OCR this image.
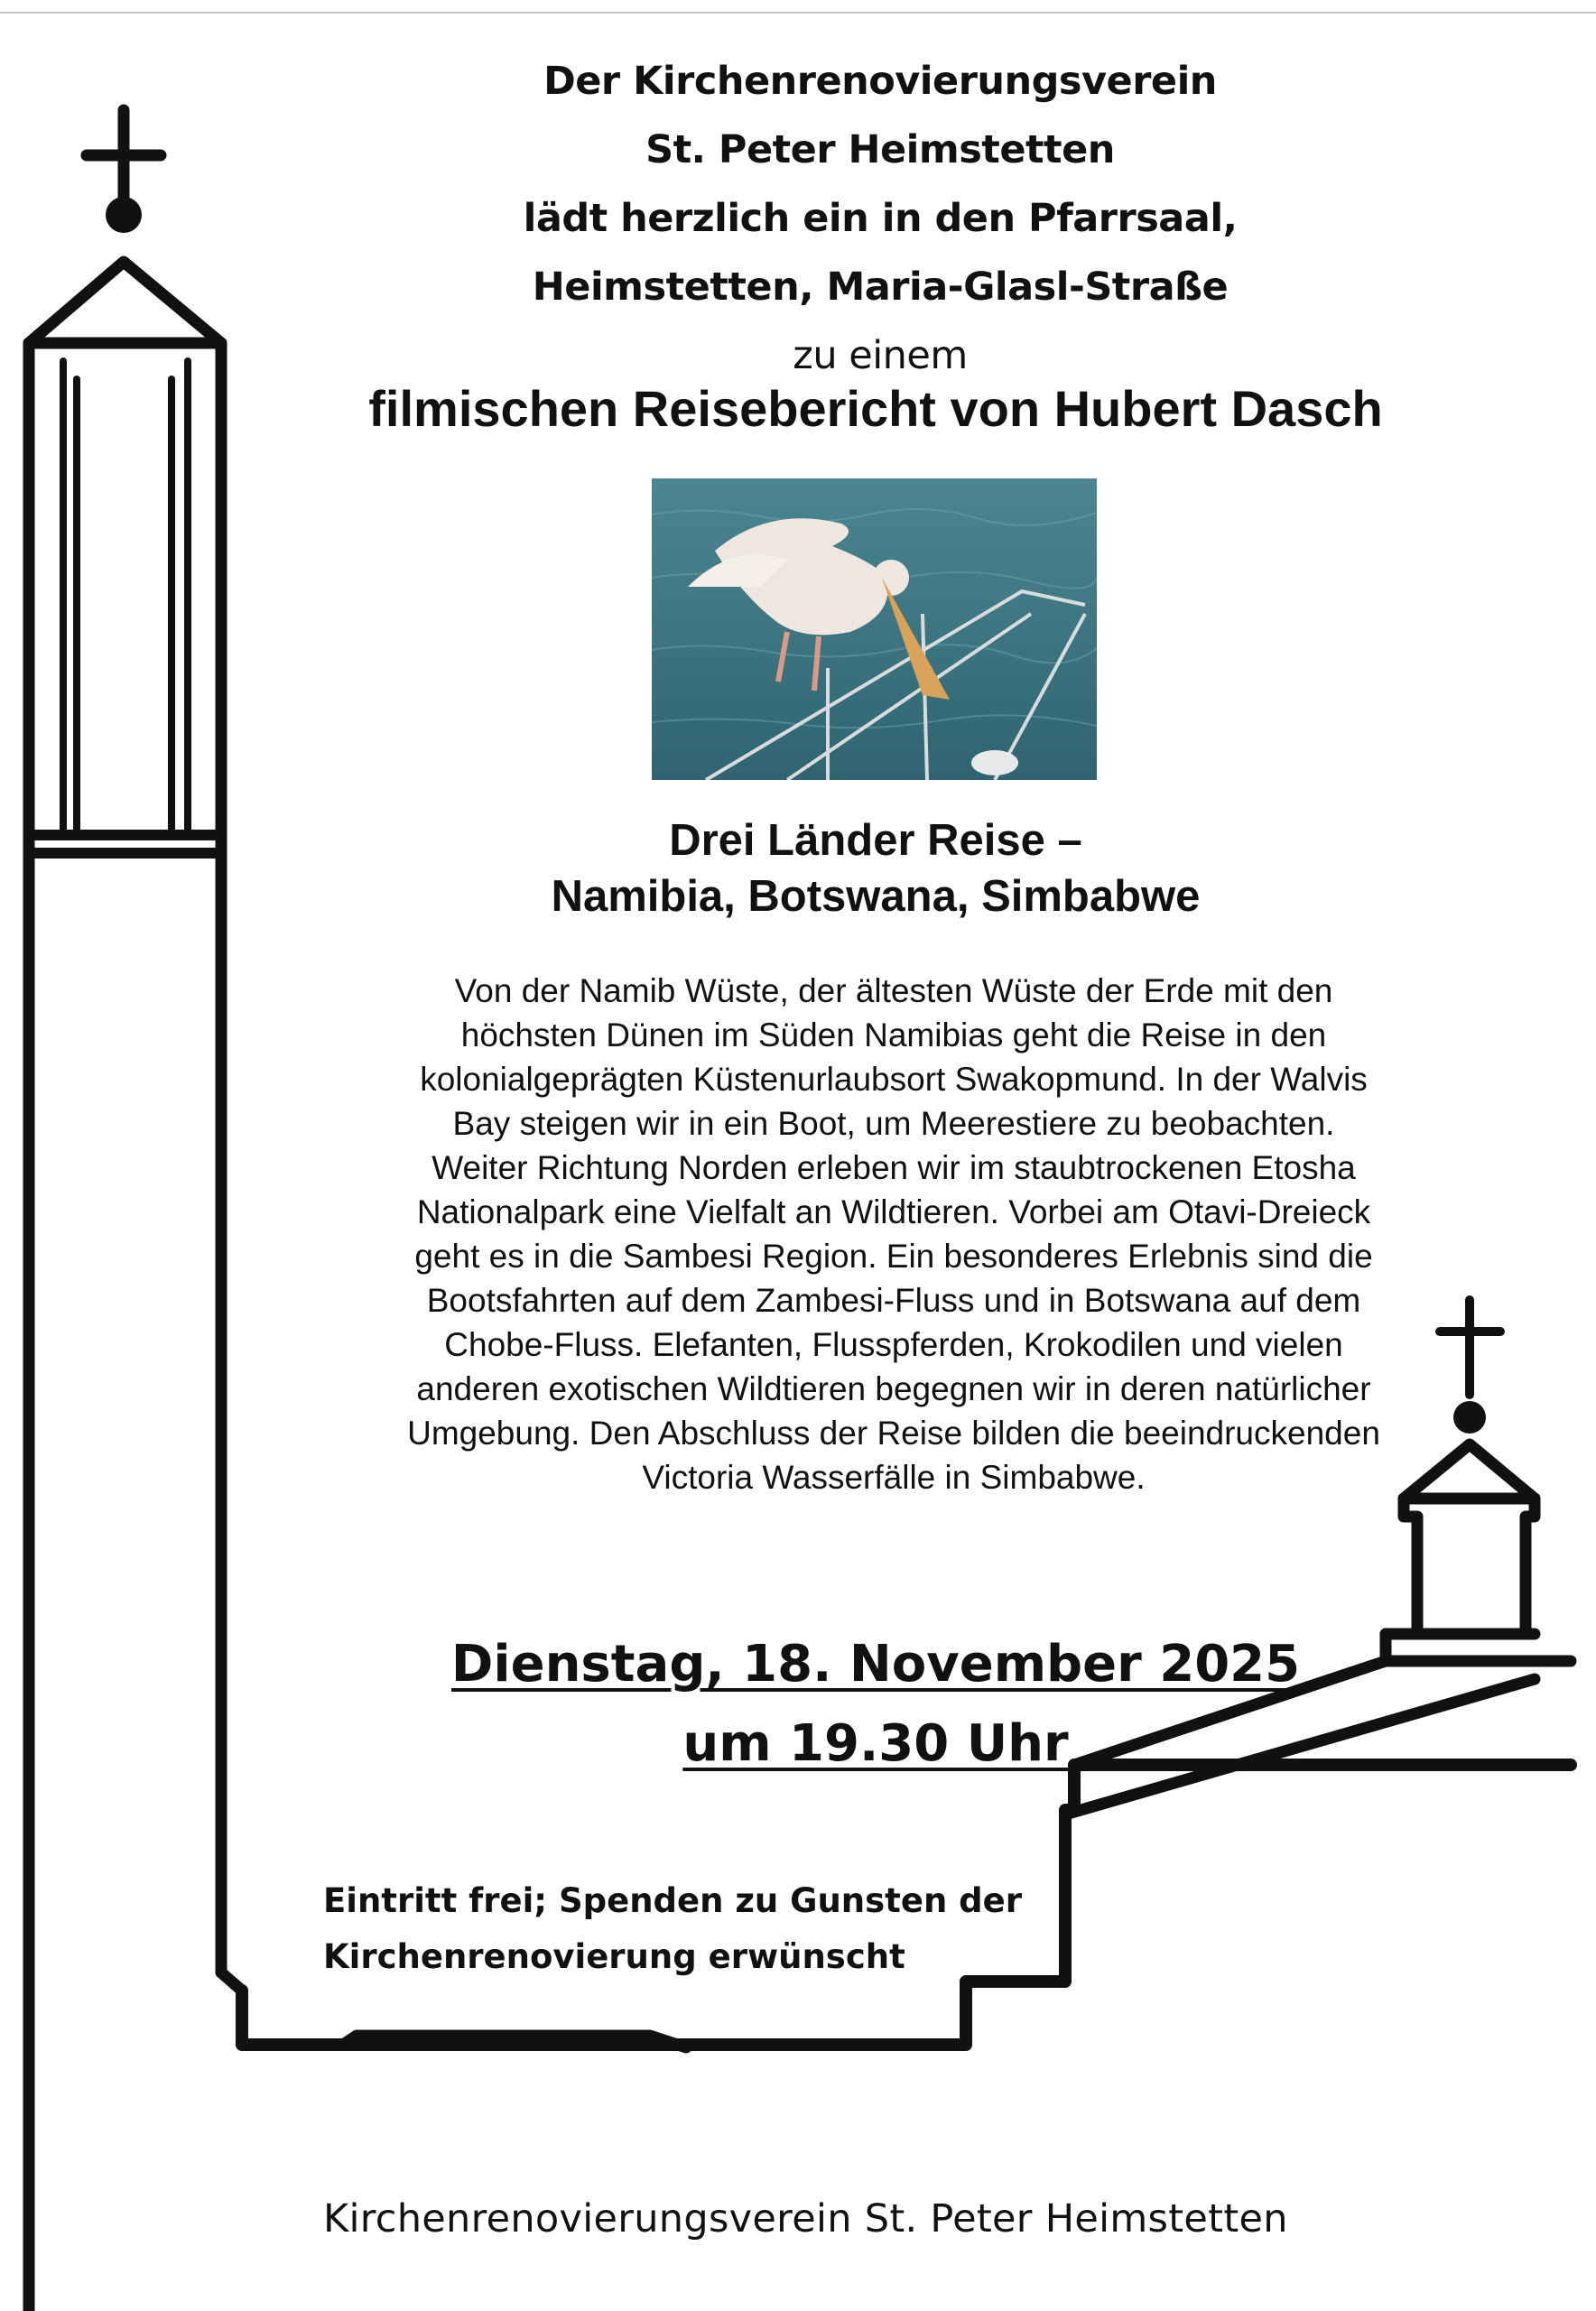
Der Kirchenrenovierungsverein
St. Peter Heimstetten
lädt herzlich ein in den Pfarrsaal,
Heimstetten, Maria-Glasl-Straße
zu einem
filmischen Reisebericht von Hubert Dasch
Drei Länder Reise –
Namibia, Botswana, Simbabwe
Von der Namib Wüste, der ältesten Wüste der Erde mit den
höchsten Dünen im Süden Namibias geht die Reise in den
kolonialgeprägten Küstenurlaubsort Swakopmund. In der Walvis
Bay steigen wir in ein Boot, um Meerestiere zu beobachten.
Weiter Richtung Norden erleben wir im staubtrockenen Etosha
Nationalpark eine Vielfalt an Wildtieren. Vorbei am Otavi-Dreieck
geht es in die Sambesi Region. Ein besonderes Erlebnis sind die
Bootsfahrten auf dem Zambesi-Fluss und in Botswana auf dem
Chobe-Fluss. Elefanten, Flusspferden, Krokodilen und vielen
anderen exotischen Wildtieren begegnen wir in deren natürlicher
Umgebung. Den Abschluss der Reise bilden die beeindruckenden
Victoria Wasserfälle in Simbabwe.
Dienstag, 18. November 2025
um 19.30 Uhr
Eintritt frei; Spenden zu Gunsten der
Kirchenrenovierung erwünscht
Kirchenrenovierungsverein St. Peter Heimstetten
